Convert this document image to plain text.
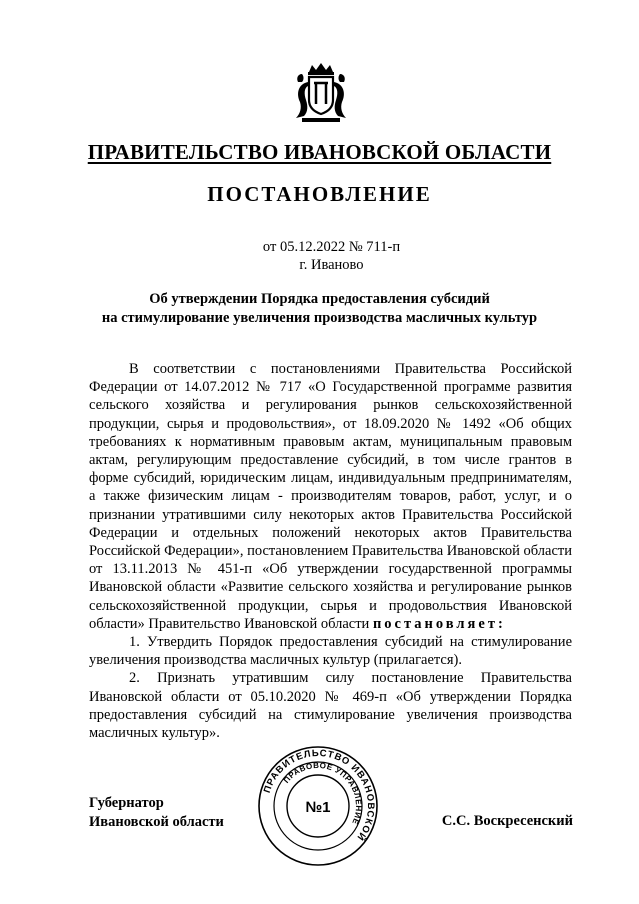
ПРАВИТЕЛЬСТВО ИВАНОВСКОЙ ОБЛАСТИ
ПОСТАНОВЛЕНИЕ
от 05.12.2022 № 711-п
г. Иваново
Об утверждении Порядка предоставления субсидий
на стимулирование увеличения производства масличных культур

В соответствии с постановлениями Правительства Российской Федерации от 14.07.2012 № 717 «О Государственной программе развития сельского хозяйства и регулирования рынков сельскохозяйственной продукции, сырья и продовольствия», от 18.09.2020 № 1492 «Об общих требованиях к нормативным правовым актам, муниципальным правовым актам, регулирующим предоставление субсидий, в том числе грантов в форме субсидий, юридическим лицам, индивидуальным предпринимателям, а также физическим лицам - производителям товаров, работ, услуг, и о признании утратившими силу некоторых актов Правительства Российской Федерации и отдельных положений некоторых актов Правительства Российской Федерации», постановлением Правительства Ивановской области от 13.11.2013 № 451-п «Об утверждении государственной программы Ивановской области «Развитие сельского хозяйства и регулирование рынков сельскохозяйственной продукции, сырья и продовольствия Ивановской области» Правительство Ивановской области постановляет:

1. Утвердить Порядок предоставления субсидий на стимулирование увеличения производства масличных культур (прилагается).

2. Признать утратившим силу постановление Правительства Ивановской области от 05.10.2020 № 469-п «Об утверждении Порядка предоставления субсидий на стимулирование увеличения производства масличных культур».

Губернатор
Ивановской области
ПРАВИТЕЛЬСТВО ИВАНОВСКОЙ
ПРАВОВОЕ УПРАВЛЕНИЕ
№1
С.С. Воскресенский
